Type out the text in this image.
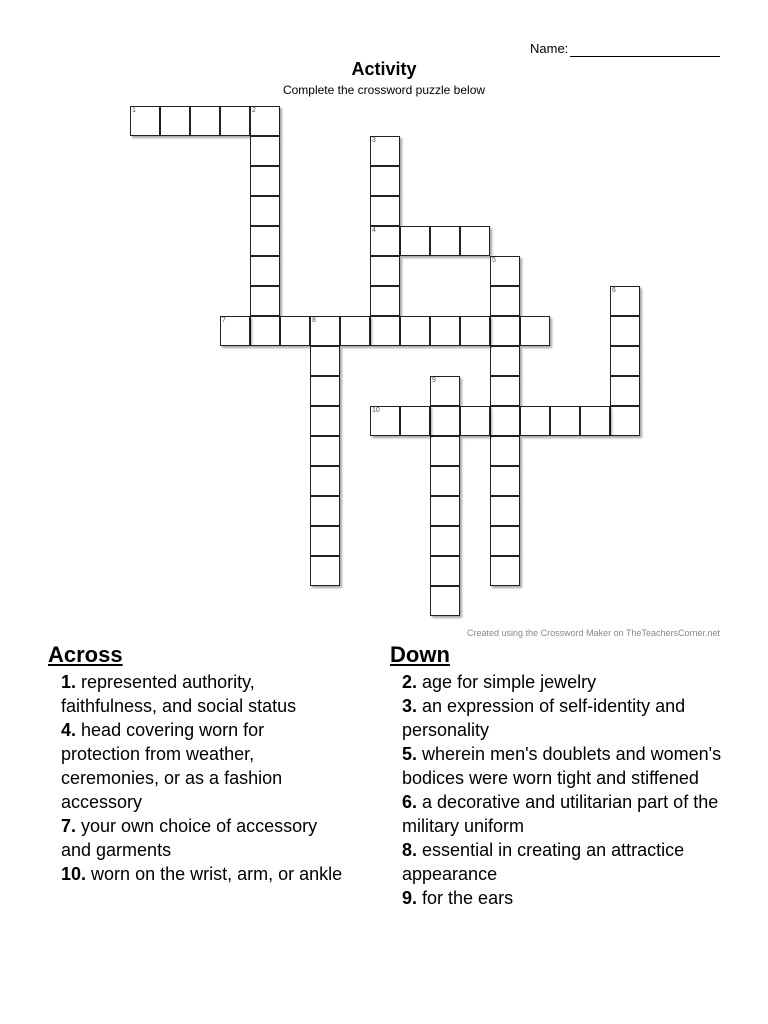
Name:
Activity
Complete the crossword puzzle below
1	2
3
4
5
6
7	8
9
10
Created using the Crossword Maker on TheTeachersCorner.net
Across

1. represented authority, faithfulness, and social status

4. head covering worn for protection from weather, ceremonies, or as a fashion accessory

7. your own choice of accessory and garments

10. worn on the wrist, arm, or ankle

Down

2. age for simple jewelry

3. an expression of self-identity and personality

5. wherein men's doublets and women's bodices were worn tight and stiffened

6. a decorative and utilitarian part of the military uniform

8. essential in creating an attractice appearance

9. for the ears
